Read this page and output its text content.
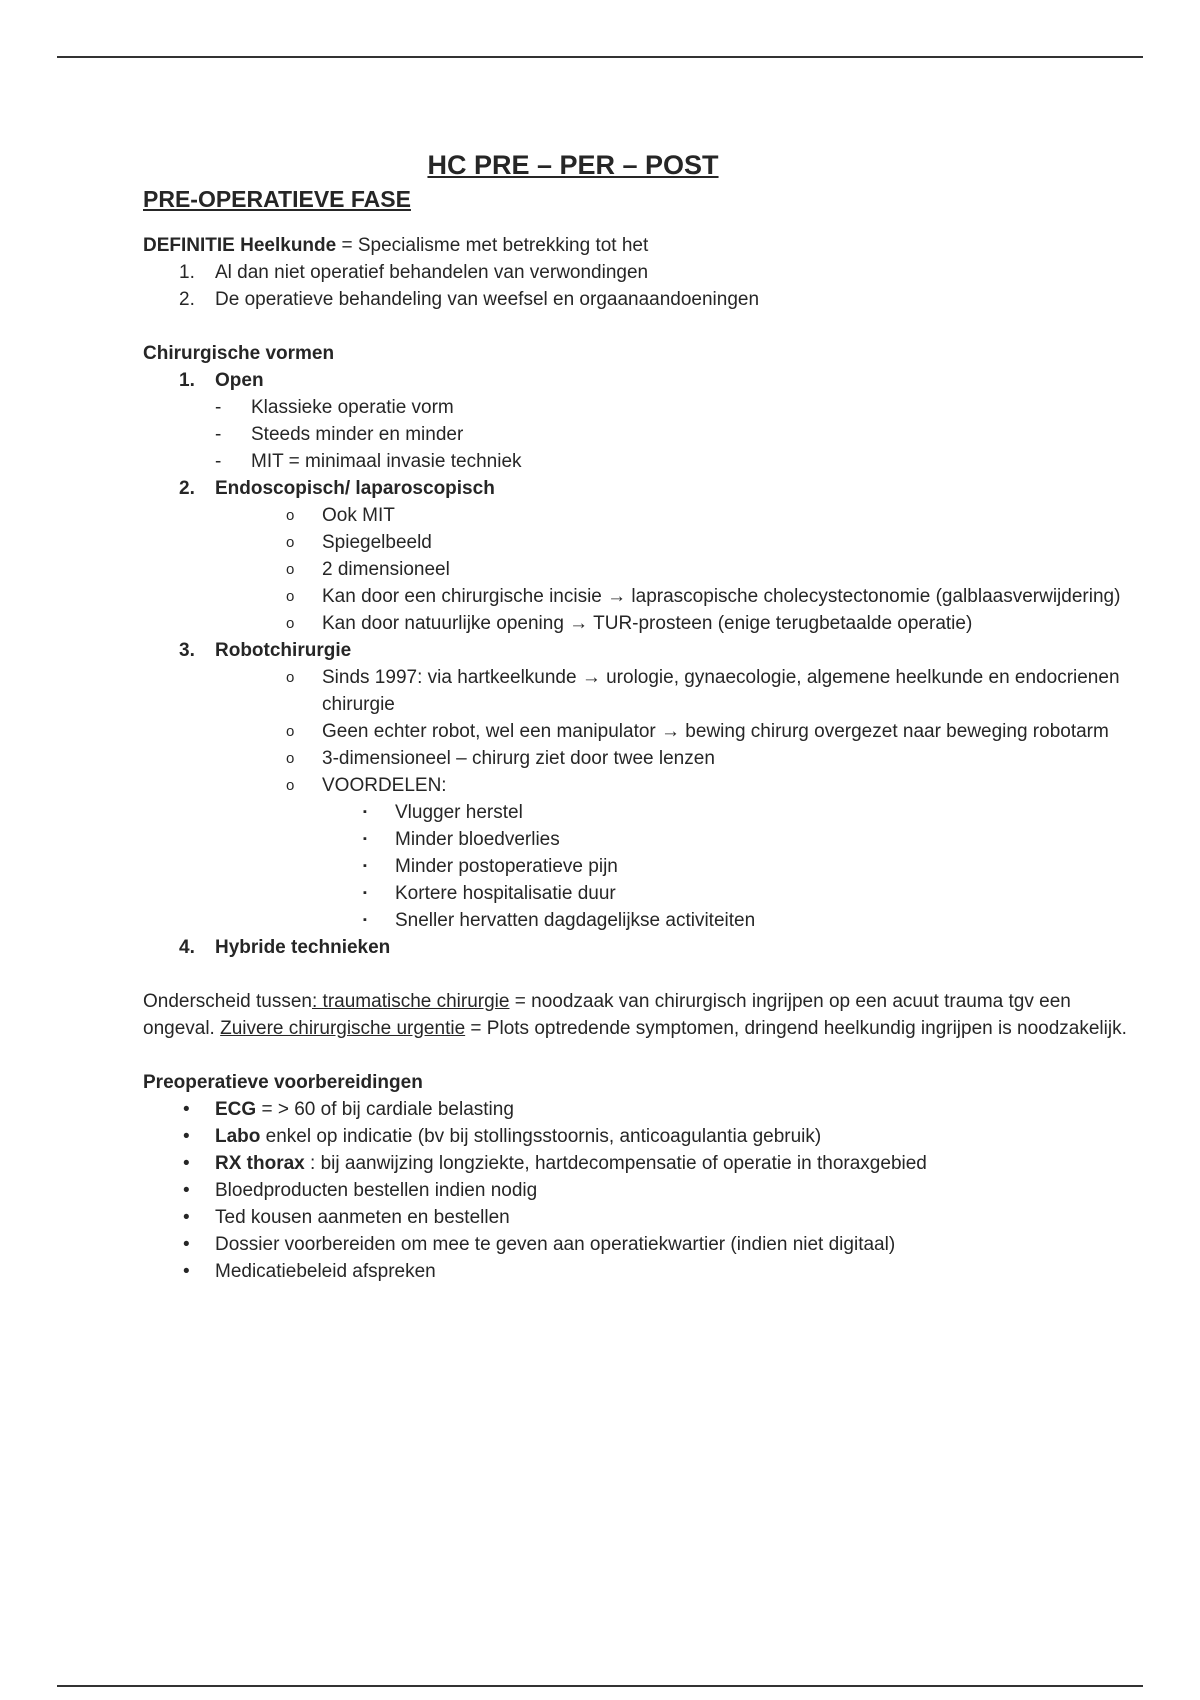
HC PRE – PER – POST
PRE-OPERATIEVE FASE
DEFINITIE Heelkunde = Specialisme met betrekking tot het
1.	Al dan niet operatief behandelen van verwondingen
2.	De operatieve behandeling van weefsel en orgaanaandoeningen
Chirurgische vormen
1.	Open
- Klassieke operatie vorm
- Steeds minder en minder
- MIT = minimaal invasie techniek
2.	Endoscopisch/ laparoscopisch
o Ook MIT
o Spiegelbeeld
o 2 dimensioneel
o Kan door een chirurgische incisie → laprascopische cholecystectonomie (galblaasverwijdering)
o Kan door natuurlijke opening → TUR-prosteen (enige terugbetaalde operatie)
3.	Robotchirurgie
o Sinds 1997: via hartkeelkunde → urologie, gynaecologie, algemene heelkunde en endocrienen chirurgie
o Geen echter robot, wel een manipulator → bewing chirurg overgezet naar beweging robotarm
o 3-dimensioneel – chirurg ziet door twee lenzen
o VOORDELEN:
▪ Vlugger herstel
▪ Minder bloedverlies
▪ Minder postoperatieve pijn
▪ Kortere hospitalisatie duur
▪ Sneller hervatten dagdagelijkse activiteiten
4.	Hybride technieken
Onderscheid tussen: traumatische chirurgie = noodzaak van chirurgisch ingrijpen op een acuut trauma tgv een ongeval. Zuivere chirurgische urgentie = Plots optredende symptomen, dringend heelkundig ingrijpen is noodzakelijk.
Preoperatieve voorbereidingen
• ECG = > 60 of bij cardiale belasting
• Labo enkel op indicatie (bv bij stollingsstoornis, anticoagulantia gebruik)
• RX thorax : bij aanwijzing longziekte, hartdecompensatie of operatie in thoraxgebied
• Bloedproducten bestellen indien nodig
• Ted kousen aanmeten en bestellen
• Dossier voorbereiden om mee te geven aan operatiekwartier (indien niet digitaal)
• Medicatiebeleid afspreken
